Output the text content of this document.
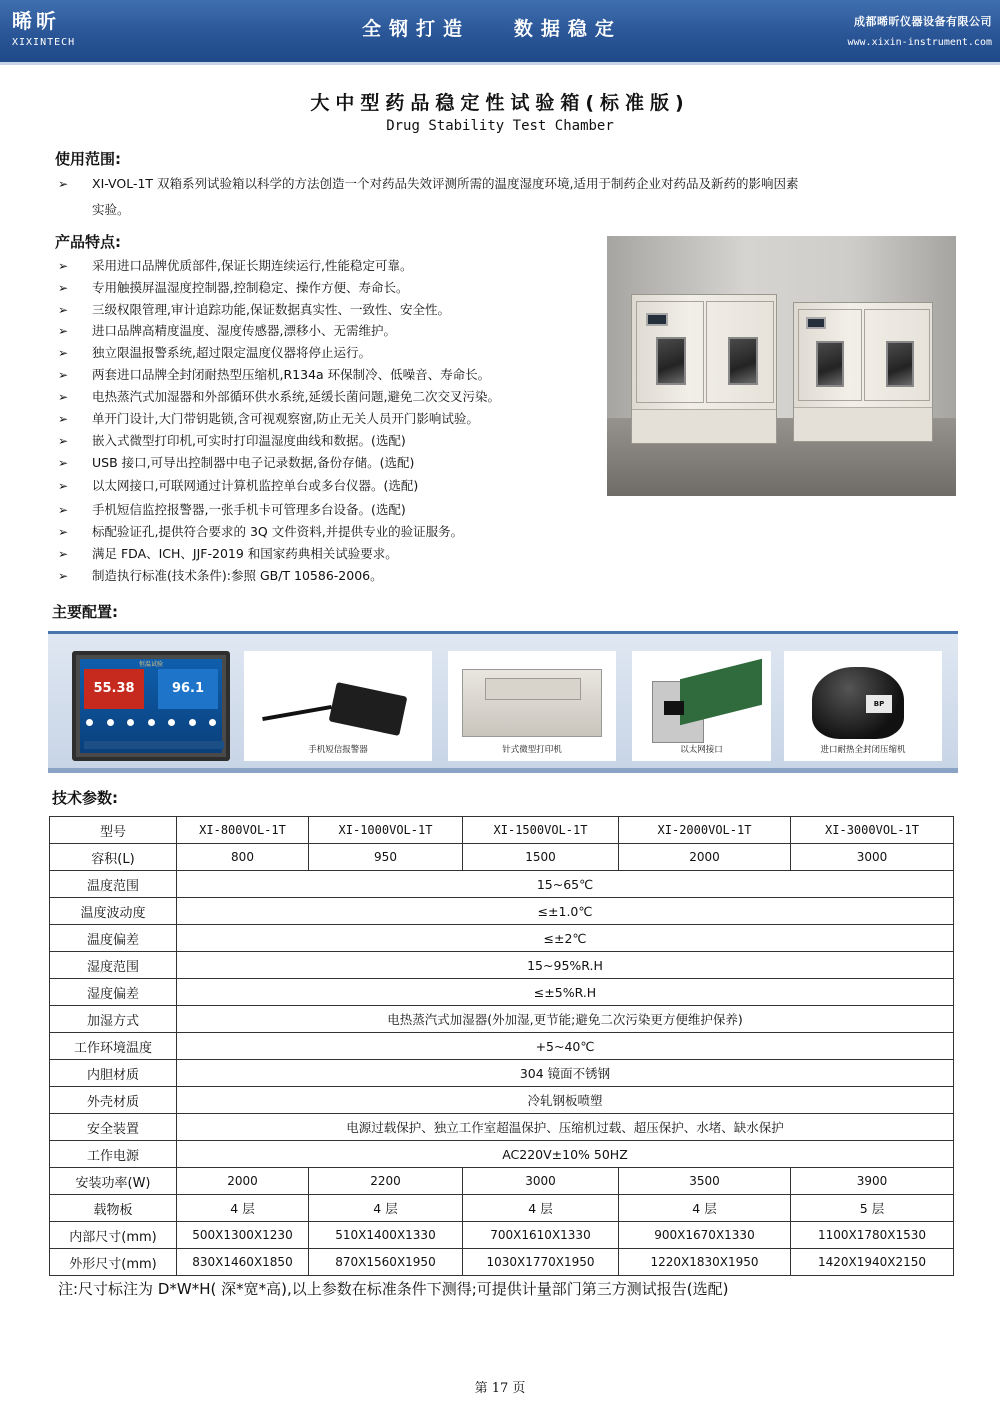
晞昕
XIXINTECH
全钢打造   数据稳定	成都晞昕仪器设备有限公司
www.xixin-instrument.com
大中型药品稳定性试验箱(标准版)
Drug Stability Test Chamber
使用范围:
➢ XI-VOL-1T 双箱系列试验箱以科学的方法创造一个对药品失效评测所需的温度湿度环境,适用于制药企业对药品及新药的影响因素
实验。
产品特点:
➢ 采用进口品牌优质部件,保证长期连续运行,性能稳定可靠。
➢ 专用触摸屏温湿度控制器,控制稳定、操作方便、寿命长。
➢ 三级权限管理,审计追踪功能,保证数据真实性、一致性、安全性。
➢ 进口品牌高精度温度、湿度传感器,漂移小、无需维护。
➢ 独立限温报警系统,超过限定温度仪器将停止运行。
➢ 两套进口品牌全封闭耐热型压缩机,R134a 环保制冷、低噪音、寿命长。
➢ 电热蒸汽式加湿器和外部循环供水系统,延缓长菌问题,避免二次交叉污染。
➢ 单开门设计,大门带钥匙锁,含可视观察窗,防止无关人员开门影响试验。
➢ 嵌入式微型打印机,可实时打印温湿度曲线和数据。(选配)
➢ USB 接口,可导出控制器中电子记录数据,备份存储。(选配)
➢ 以太网接口,可联网通过计算机监控单台或多台仪器。(选配)
➢ 手机短信监控报警器,一张手机卡可管理多台设备。(选配)
➢ 标配验证孔,提供符合要求的 3Q 文件资料,并提供专业的验证服务。
➢ 满足 FDA、ICH、JJF-2019 和国家药典相关试验要求。
➢ 制造执行标准(技术条件):参照 GB/T 10586-2006。
主要配置:
恒温试验
55.38	96.1
手机短信报警器	针式微型打印机	以太网接口
BP
进口耐热全封闭压缩机
技术参数:
型号	XI-800VOL-1T	XI-1000VOL-1T	XI-1500VOL-1T	XI-2000VOL-1T	XI-3000VOL-1T
容积(L)	800	950	1500	2000	3000
温度范围	15~65℃				
温度波动度	≤±1.0℃				
温度偏差	≤±2℃				
湿度范围	15~95%R.H				
湿度偏差	≤±5%R.H				
加湿方式	电热蒸汽式加湿器(外加湿,更节能;避免二次污染更方便维护保养)				
工作环境温度	+5~40℃				
内胆材质	304 镜面不锈钢				
外壳材质	冷轧钢板喷塑				
安全装置	电源过载保护、独立工作室超温保护、压缩机过载、超压保护、水堵、缺水保护				
工作电源	AC220V±10% 50HZ				
安装功率(W)	2000	2200	3000	3500	3900
载物板	4 层	4 层	4 层	4 层	5 层
内部尺寸(mm)	500X1300X1230	510X1400X1330	700X1610X1330	900X1670X1330	1100X1780X1530
外形尺寸(mm)	830X1460X1850	870X1560X1950	1030X1770X1950	1220X1830X1950	1420X1940X2150
注:尺寸标注为 D*W*H( 深*宽*高),以上参数在标准条件下测得;可提供计量部门第三方测试报告(选配)
第 17 页
